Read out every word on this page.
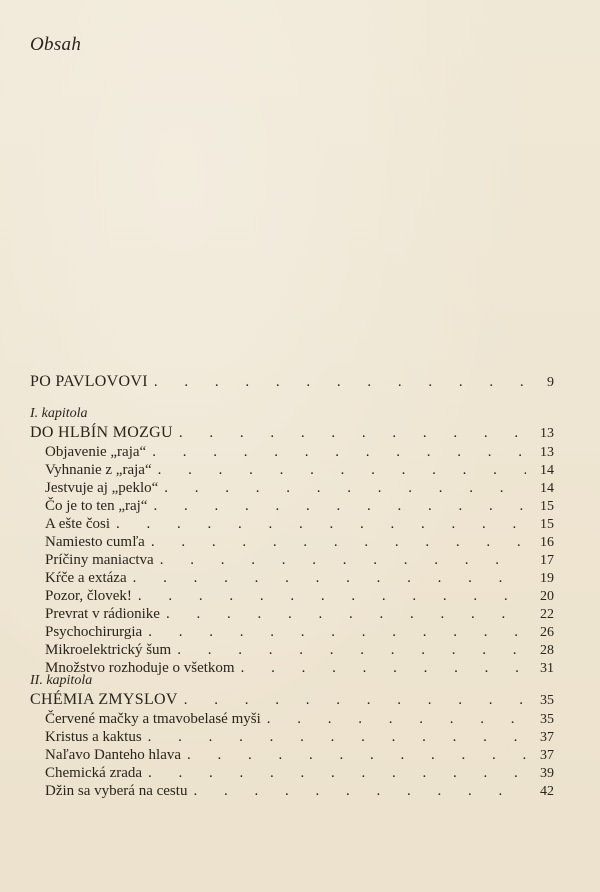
Obsah
PO PAVLOVOVI . . .	9
I. kapitola
DO HLBÍN MOZGU . . .	13
Objavenie „raja“ . . .	13
Vyhnanie z „raja“ . . .	14
Jestvuje aj „peklo“ . . .	14
Čo je to ten „raj“ . . .	15
A ešte čosi . . .	15
Namiesto cumľa . . .	16
Príčiny maniactva . . .	17
Kŕče a extáza . . .	19
Pozor, človek! . . .	20
Prevrat v rádionike . . .	22
Psychochirurgia . . .	26
Mikroelektrický šum . . .	28
Množstvo rozhoduje o všetkom . . .	31
II. kapitola
CHÉMIA ZMYSLOV . . .	35
Červené mačky a tmavobelasé myši . . .	35
Kristus a kaktus . . .	37
Naľavo Danteho hlava . . .	37
Chemická zrada . . .	39
Džin sa vyberá na cestu . . .	42
